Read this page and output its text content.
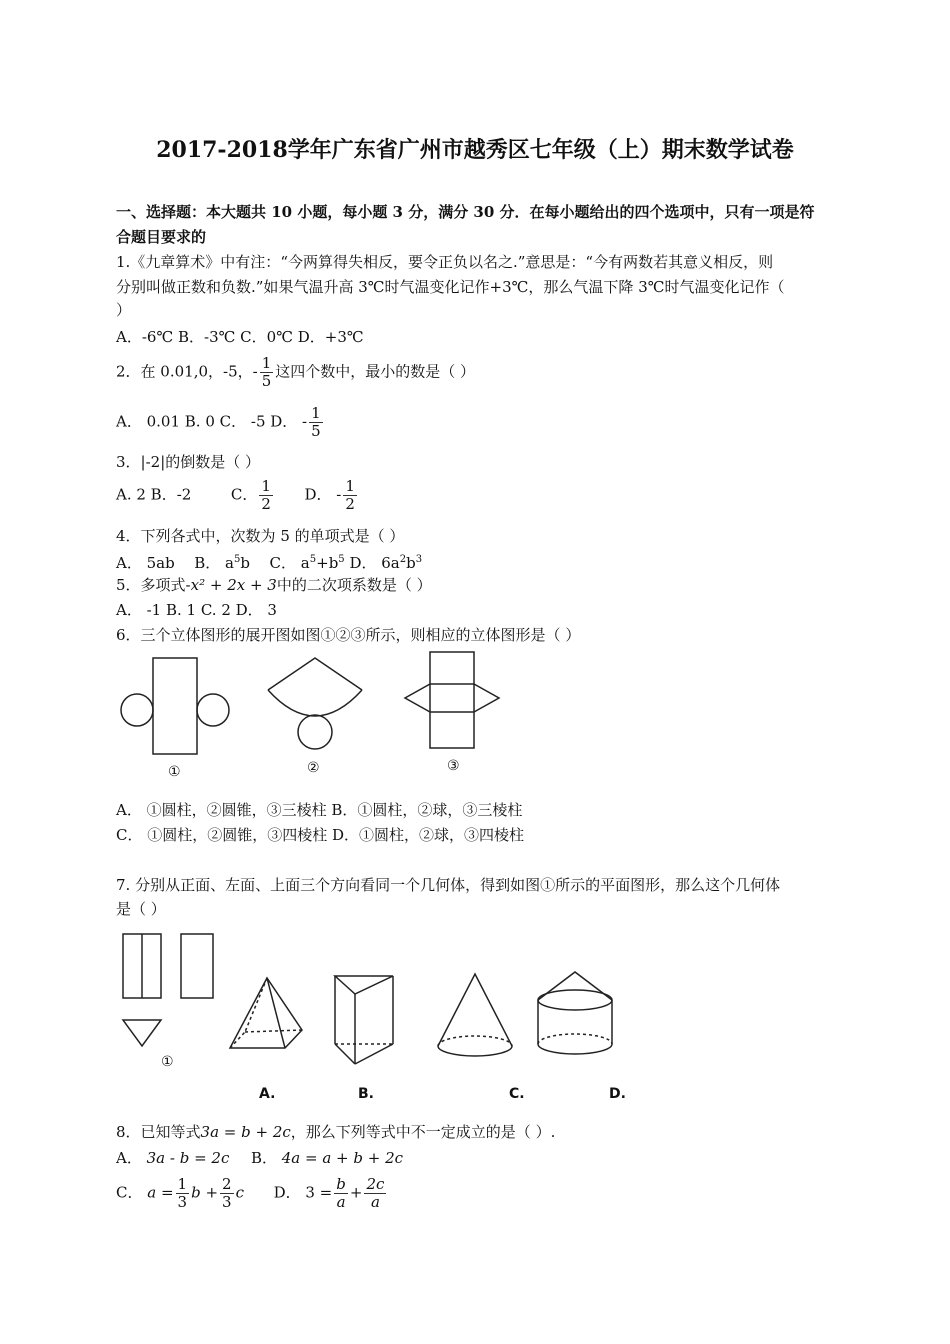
2017-2018学年广东省广州市越秀区七年级（上）期末数学试卷
一、选择题：本大题共 10 小题，每小题 3 分，满分 30 分．在每小题给出的四个选项中，只有一项是符
合题目要求的
1.《九章算术》中有注：“今两算得失相反，要令正负以名之.”意思是：“今有两数若其意义相反，则
分别叫做正数和负数.”如果气温升高 3℃时气温变化记作+3℃，那么气温下降 3℃时气温变化记作（
）
A．-6℃ B．-3℃ C．0℃ D．+3℃
2．在 0.01,0，-5，- $\frac{1}{5}$ 这四个数中，最小的数是（ ）
A． 0.01 B. 0 C． -5 D． - $\frac{1}{5}$
3．|-2|的倒数是（ ）
A. 2 B．-2	C． $\frac{1}{2}$ D． - $\frac{1}{2}$
4．下列各式中，次数为 5 的单项式是（ ）
A． 5ab B． $a^5b$ C． $a^5+b^5$ D． $6a^2b^3$
5．多项式-x² + 2x + 3中的二次项系数是（ ）
A． -1 B. 1 C. 2 D． 3
6．三个立体图形的展开图如图①②③所示，则相应的立体图形是（ ）
①	②	③
A． ①圆柱，②圆锥，③三棱柱 B．①圆柱，②球，③三棱柱
C． ①圆柱，②圆锥，③四棱柱 D．①圆柱，②球，③四棱柱
7. 分别从正面、左面、上面三个方向看同一个几何体，得到如图①所示的平面图形，那么这个几何体
是（ ）
①
A.	B.	C.	D.
8．已知等式3a = b + 2c，那么下列等式中不一定成立的是（ ）.
A． 3a - b = 2c B． 4a = a + b + 2c
C． $a = \frac{1}{3}$ $b + \frac{2}{3}$ c D． $3 = \frac{b}{a} + \frac{2c}{a}$
